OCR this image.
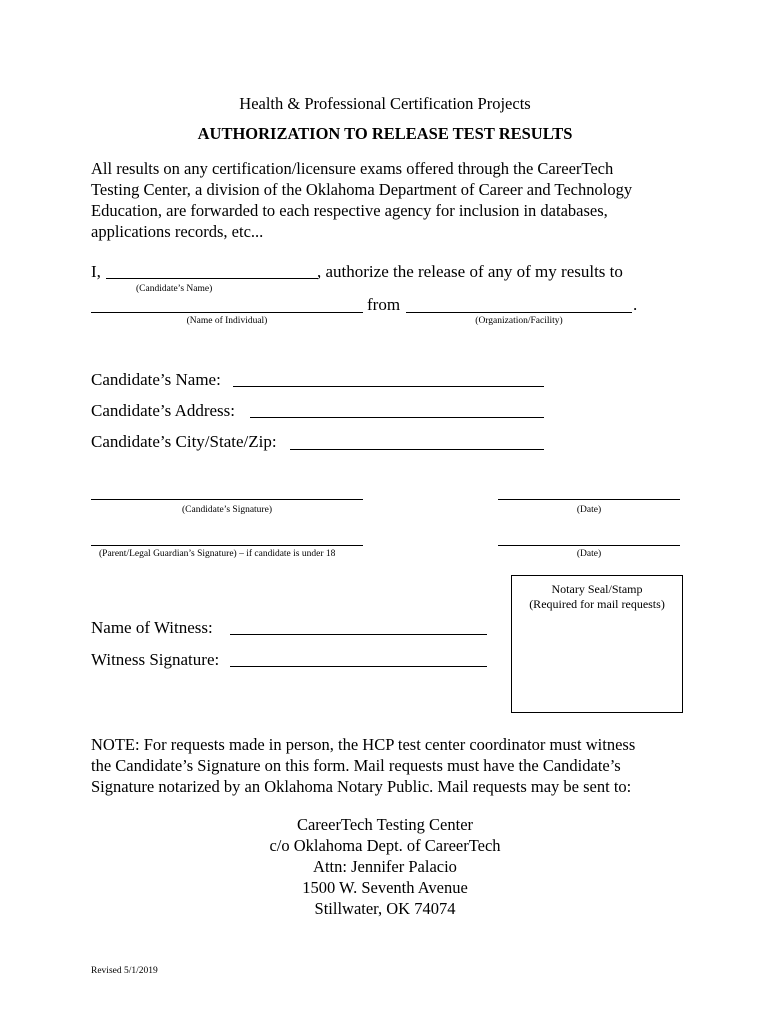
Health & Professional Certification Projects
AUTHORIZATION TO RELEASE TEST RESULTS
All results on any certification/licensure exams offered through the CareerTech
Testing Center, a division of the Oklahoma Department of Career and Technology
Education, are forwarded to each respective agency for inclusion in databases,
applications records, etc...
I,	, authorize the release of any of my results to
(Candidate’s Name)
from	.
(Name of Individual)	(Organization/Facility)
Candidate’s Name:
Candidate’s Address:
Candidate’s City/State/Zip:
(Candidate’s Signature)	(Date)
(Parent/Legal Guardian’s Signature) – if candidate is under 18	(Date)
Notary Seal/Stamp
(Required for mail requests)
Name of Witness:
Witness Signature:
NOTE: For requests made in person, the HCP test center coordinator must witness
the Candidate’s Signature on this form. Mail requests must have the Candidate’s
Signature notarized by an Oklahoma Notary Public. Mail requests may be sent to:
CareerTech Testing Center
c/o Oklahoma Dept. of CareerTech
Attn: Jennifer Palacio
1500 W. Seventh Avenue
Stillwater, OK 74074
Revised 5/1/2019
